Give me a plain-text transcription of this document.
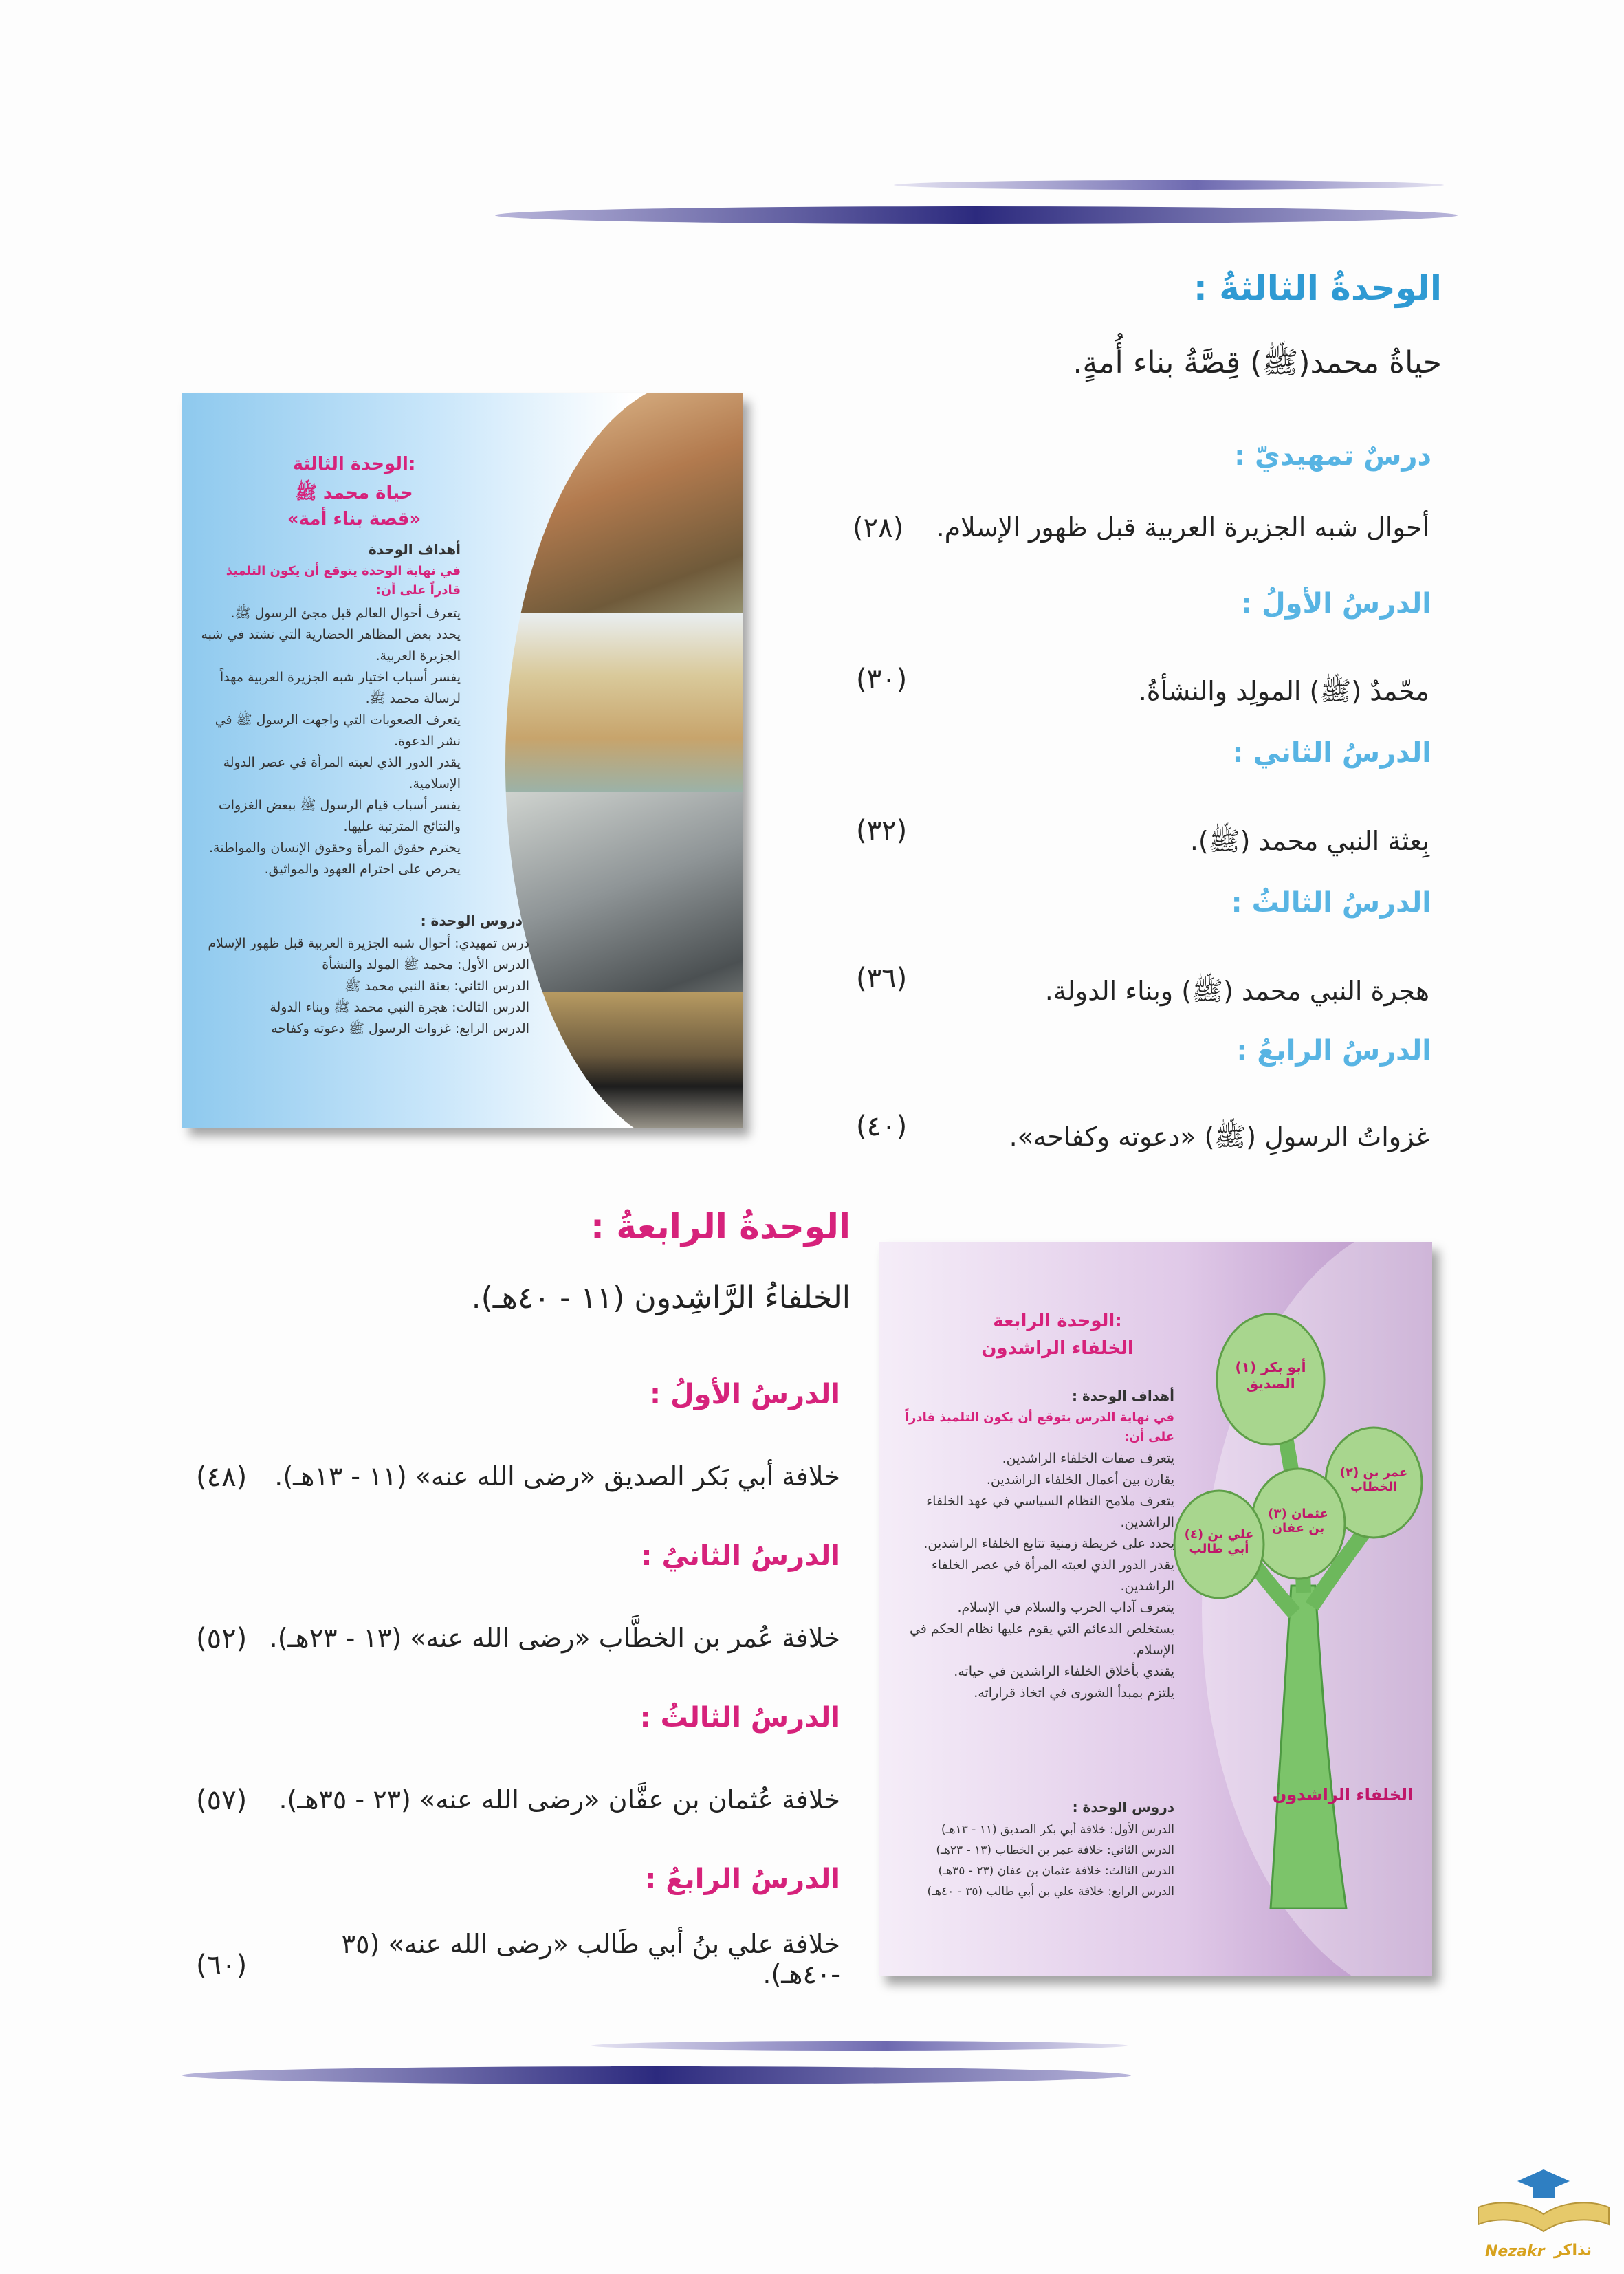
الوحدةُ الثالثةُ :
حياةُ محمد(ﷺ) قِصَّةُ بناء أُمةٍ.
درسٌ تمهيديّ :
أحوال شبه الجزيرة العربية قبل ظهور الإسلام.
(٢٨)
الدرسُ الأولُ :
محّمدٌ (ﷺ) المولِد والنشأةُ.
(٣٠)
الدرسُ الثاني :
بِعثة النبي محمد (ﷺ).
(٣٢)
الدرسُ الثالثُ :
هجرة النبي محمد (ﷺ) وبناء الدولة.
(٣٦)
الدرسُ الرابعُ :
غزواتُ الرسولِ (ﷺ) «دعوته وكفاحه».
(٤٠)
الوحدة الثالثة:
حياة محمد ﷺ
«قصة بناء أمة»
أهداف الوحدة
في نهاية الوحدة يتوقع أن يكون التلميذ قادراً على أن:
يتعرف أحوال العالم قبل مجئ الرسول ﷺ.
يحدد بعض المظاهر الحضارية التي تشتد في شبه الجزيرة العربية.
يفسر أسباب اختيار شبه الجزيرة العربية مهداً لرسالة محمد ﷺ.
يتعرف الصعوبات التي واجهت الرسول ﷺ في نشر الدعوة.
يقدر الدور الذي لعبته المرأة في عصر الدولة الإسلامية.
يفسر أسباب قيام الرسول ﷺ ببعض الغزوات والنتائج المترتبة عليها.
يحترم حقوق المرأة وحقوق الإنسان والمواطنة.
يحرص على احترام العهود والمواثيق.
دروس الوحدة :
درس تمهيدي: أحوال شبه الجزيرة العربية قبل ظهور الإسلام
الدرس الأول: محمد ﷺ المولد والنشأة
الدرس الثاني: بعثة النبي محمد ﷺ
الدرس الثالث: هجرة النبي محمد ﷺ وبناء الدولة
الدرس الرابع: غزوات الرسول ﷺ دعوته وكفاحه
الوحدةُ الرابعةُ :
الخلفاءُ الرَّاشِدون (١١ - ٤٠هـ).
الدرسُ الأولُ :
خلافة أبي بَكر الصديق «رضى الله عنه» (١١ - ١٣هـ).
(٤٨)
الدرسُ الثانيُ :
خلافة عُمر بن الخطَّاب «رضى الله عنه» (١٣ - ٢٣هـ).
(٥٢)
الدرسُ الثالثُ :
خلافة عُثمان بن عفَّان «رضى الله عنه» (٢٣ - ٣٥هـ).
(٥٧)
الدرسُ الرابعُ :
خلافة علي بنُ أبي طَالب «رضى الله عنه» (٣٥ -٤٠هـ).
(٦٠)
(١) أبو بكر الصديق
(٢) عمر بن الخطاب
(٣) عثمان بن عفان
(٤) علي بن أبي طالب
الخلفاء الراشدون
الوحدة الرابعة:
الخلفاء الراشدون
أهداف الوحدة :
في نهاية الدرس يتوقع أن يكون التلميذ قادراً على أن:
يتعرف صفات الخلفاء الراشدين.
يقارن بين أعمال الخلفاء الراشدين.
يتعرف ملامح النظام السياسي في عهد الخلفاء الراشدين.
يحدد على خريطة زمنية تتابع الخلفاء الراشدين.
يقدر الدور الذي لعبته المرأة في عصر الخلفاء الراشدين.
يتعرف آداب الحرب والسلام في الإسلام.
يستخلص الدعائم التي يقوم عليها نظام الحكم في الإسلام.
يقتدي بأخلاق الخلفاء الراشدين في حياته.
يلتزم بمبدأ الشورى في اتخاذ قراراته.
دروس الوحدة :
الدرس الأول: خلافة أبي بكر الصديق (١١ - ١٣هـ)
الدرس الثاني: خلافة عمر بن الخطاب (١٣ - ٢٣هـ)
الدرس الثالث: خلافة عثمان بن عفان (٢٣ - ٣٥هـ)
الدرس الرابع: خلافة علي بن أبي طالب (٣٥ - ٤٠هـ)
نذاكر
Nezakr
